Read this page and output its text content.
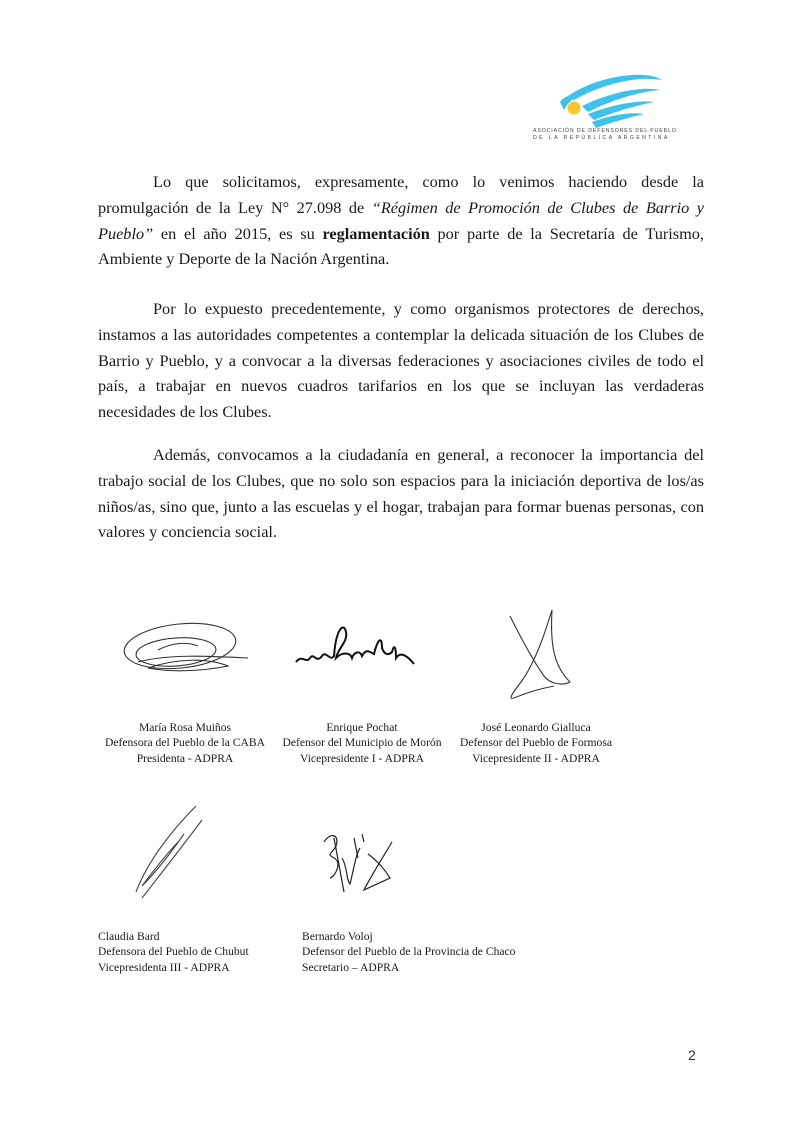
ASOCIACIÓN DE DEFENSORES DEL PUEBLO
DE LA REPÚBLICA ARGENTINA

Lo que solicitamos, expresamente, como lo venimos haciendo desde la promulgación de la Ley N° 27.098 de “Régimen de Promoción de Clubes de Barrio y Pueblo” en el año 2015, es su reglamentación por parte de la Secretaría de Turismo, Ambiente y Deporte de la Nación Argentina.

Por lo expuesto precedentemente, y como organismos protectores de derechos, instamos a las autoridades competentes a contemplar la delicada situación de los Clubes de Barrio y Pueblo, y a convocar a la diversas federaciones y asociaciones civiles de todo el país, a trabajar en nuevos cuadros tarifarios en los que se incluyan las verdaderas necesidades de los Clubes.

Además, convocamos a la ciudadanía en general, a reconocer la importancia del trabajo social de los Clubes, que no solo son espacios para la iniciación deportiva de los/as niños/as, sino que, junto a las escuelas y el hogar, trabajan para formar buenas personas, con valores y conciencia social.

María Rosa Muiños
Defensora del Pueblo de la CABA
Presidenta - ADPRA
Enrique Pochat
Defensor del Municipio de Morón
Vicepresidente I - ADPRA
José Leonardo Gialluca
Defensor del Pueblo de Formosa
Vicepresidente II - ADPRA
Claudia Bard
Defensora del Pueblo de Chubut
Vicepresidenta III - ADPRA
Bernardo Voloj
Defensor del Pueblo de la Provincia de Chaco
Secretario – ADPRA
2
